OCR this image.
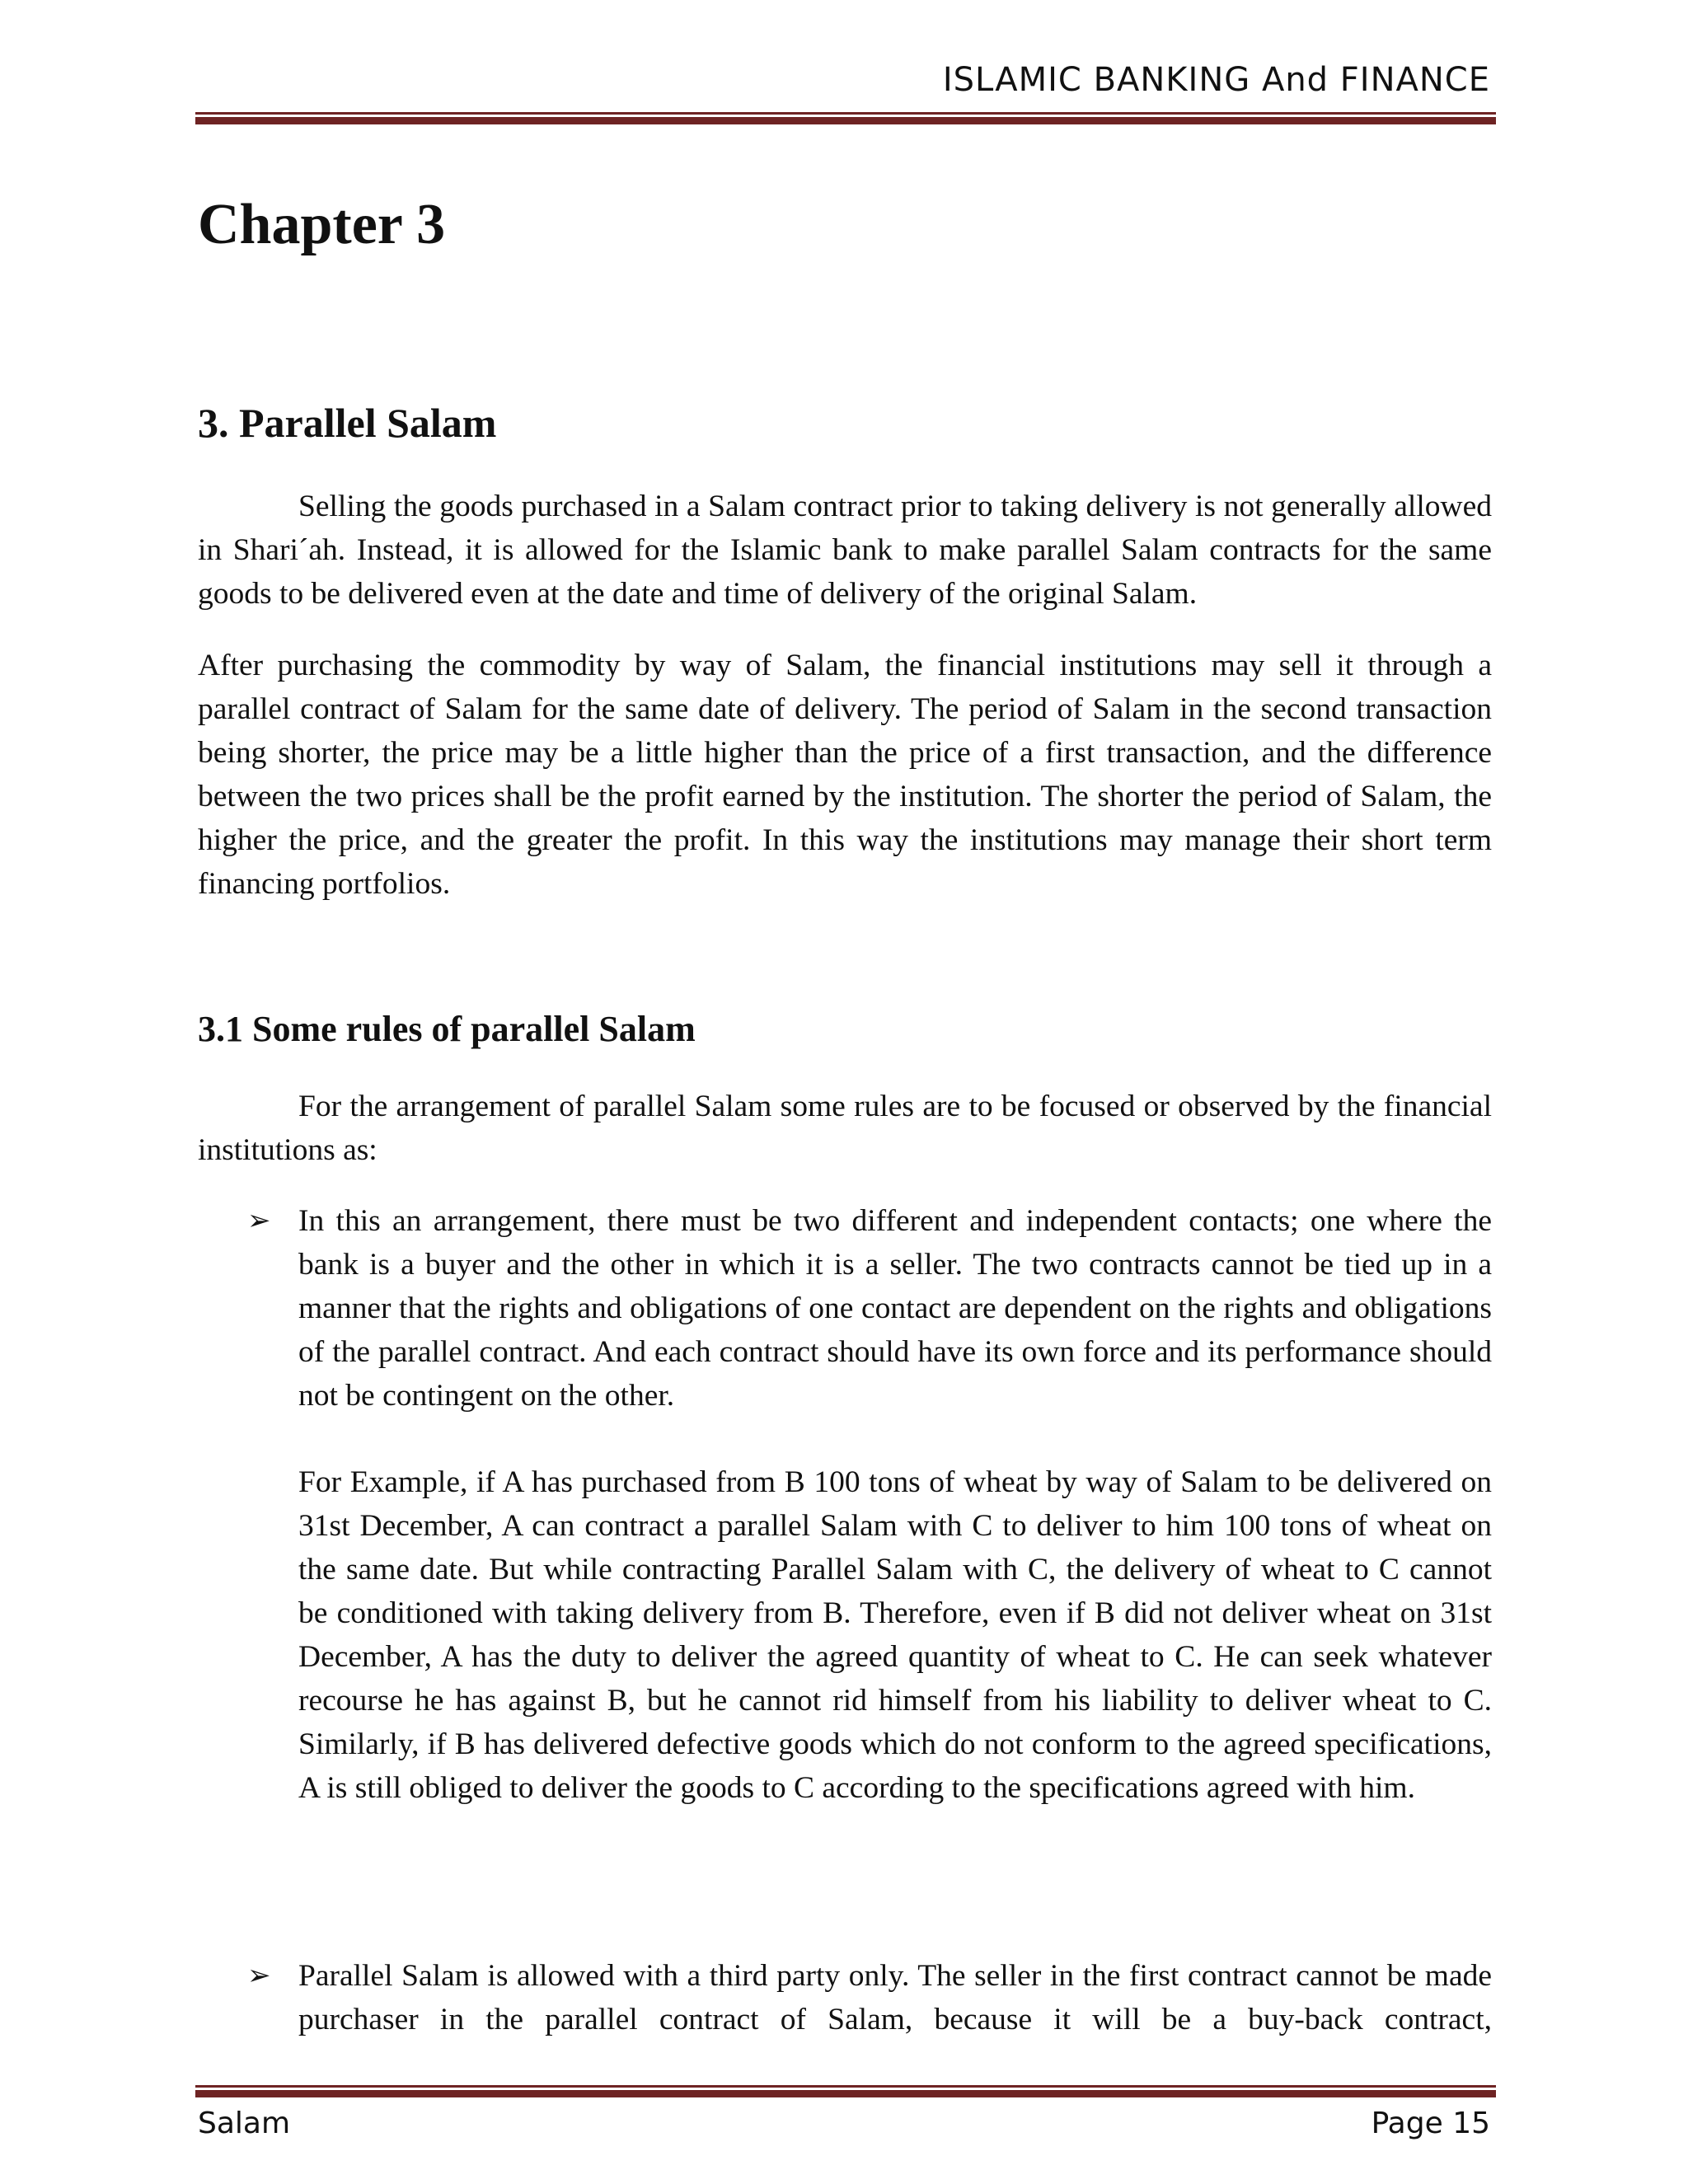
ISLAMIC BANKING And FINANCE
Chapter 3
3. Parallel Salam

Selling the goods purchased in a Salam contract prior to taking delivery is not generally allowed in Shari´ah. Instead, it is allowed for the Islamic bank to make parallel Salam contracts for the same goods to be delivered even at the date and time of delivery of the original Salam.

After purchasing the commodity by way of Salam, the financial institutions may sell it through a parallel contract of Salam for the same date of delivery. The period of Salam in the second transaction being shorter, the price may be a little higher than the price of a first transaction, and the difference between the two prices shall be the profit earned by the institution. The shorter the period of Salam, the higher the price, and the greater the profit. In this way the institutions may manage their short term financing portfolios.

3.1 Some rules of parallel Salam

For the arrangement of parallel Salam some rules are to be focused or observed by the financial institutions as:

➢ In this an arrangement, there must be two different and independent contacts; one where the bank is a buyer and the other in which it is a seller. The two contracts cannot be tied up in a manner that the rights and obligations of one contact are dependent on the rights and obligations of the parallel contract. And each contract should have its own force and its performance should not be contingent on the other.

For Example, if A has purchased from B 100 tons of wheat by way of Salam to be delivered on 31st December, A can contract a parallel Salam with C to deliver to him 100 tons of wheat on the same date. But while contracting Parallel Salam with C, the delivery of wheat to C cannot be conditioned with taking delivery from B. Therefore, even if B did not deliver wheat on 31st December, A has the duty to deliver the agreed quantity of wheat to C. He can seek whatever recourse he has against B, but he cannot rid himself from his liability to deliver wheat to C. Similarly, if B has delivered defective goods which do not conform to the agreed specifications, A is still obliged to deliver the goods to C according to the specifications agreed with him.

➢ Parallel Salam is allowed with a third party only. The seller in the first contract cannot be made purchaser in the parallel contract of Salam, because it will be a buy-back contract,

Salam	Page 15
